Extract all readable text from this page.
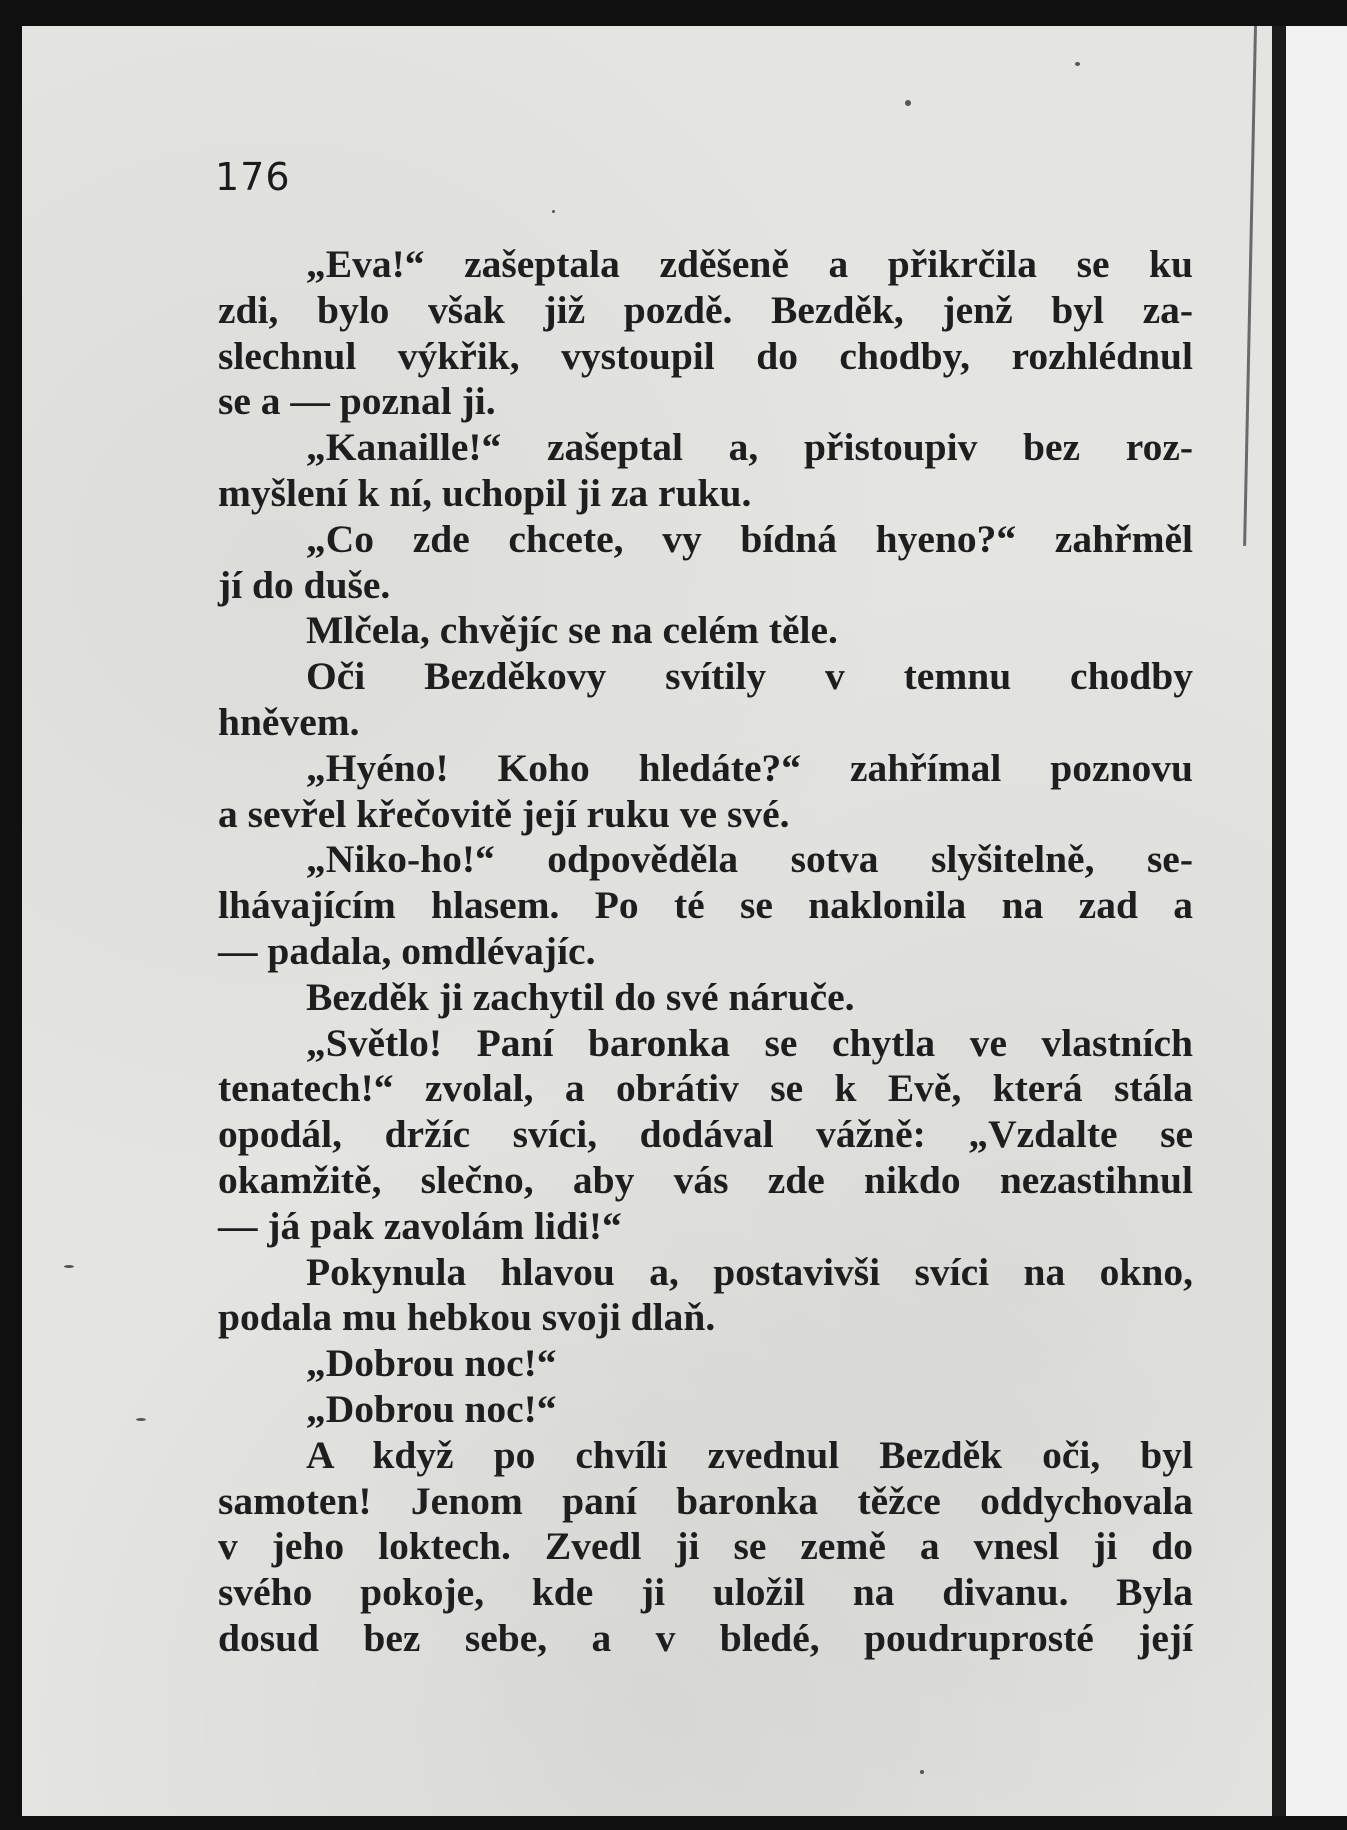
176
„Eva!“ zašeptala zděšeně a přikrčila se ku
zdi, bylo však již pozdě. Bezděk, jenž byl za-
slechnul výkřik, vystoupil do chodby, rozhlédnul
se a — poznal ji.
„Kanaille!“ zašeptal a, přistoupiv bez roz-
myšlení k ní, uchopil ji za ruku.
„Co zde chcete, vy bídná hyeno?“ zahřměl
jí do duše.
Mlčela, chvějíc se na celém těle.
Oči Bezděkovy svítily v temnu chodby
hněvem.
„Hyéno! Koho hledáte?“ zahřímal poznovu
a sevřel křečovitě její ruku ve své.
„Niko-ho!“ odpověděla sotva slyšitelně, se-
lhávajícím hlasem. Po té se naklonila na zad a
— padala, omdlévajíc.
Bezděk ji zachytil do své náruče.
„Světlo! Paní baronka se chytla ve vlastních
tenatech!“ zvolal, a obrátiv se k Evě, která stála
opodál, držíc svíci, dodával vážně: „Vzdalte se
okamžitě, slečno, aby vás zde nikdo nezastihnul
— já pak zavolám lidi!“
Pokynula hlavou a, postavivši svíci na okno,
podala mu hebkou svoji dlaň.
„Dobrou noc!“
„Dobrou noc!“
A když po chvíli zvednul Bezděk oči, byl
samoten! Jenom paní baronka těžce oddychovala
v jeho loktech. Zvedl ji se země a vnesl ji do
svého pokoje, kde ji uložil na divanu. Byla
dosud bez sebe, a v bledé, poudruprosté její
